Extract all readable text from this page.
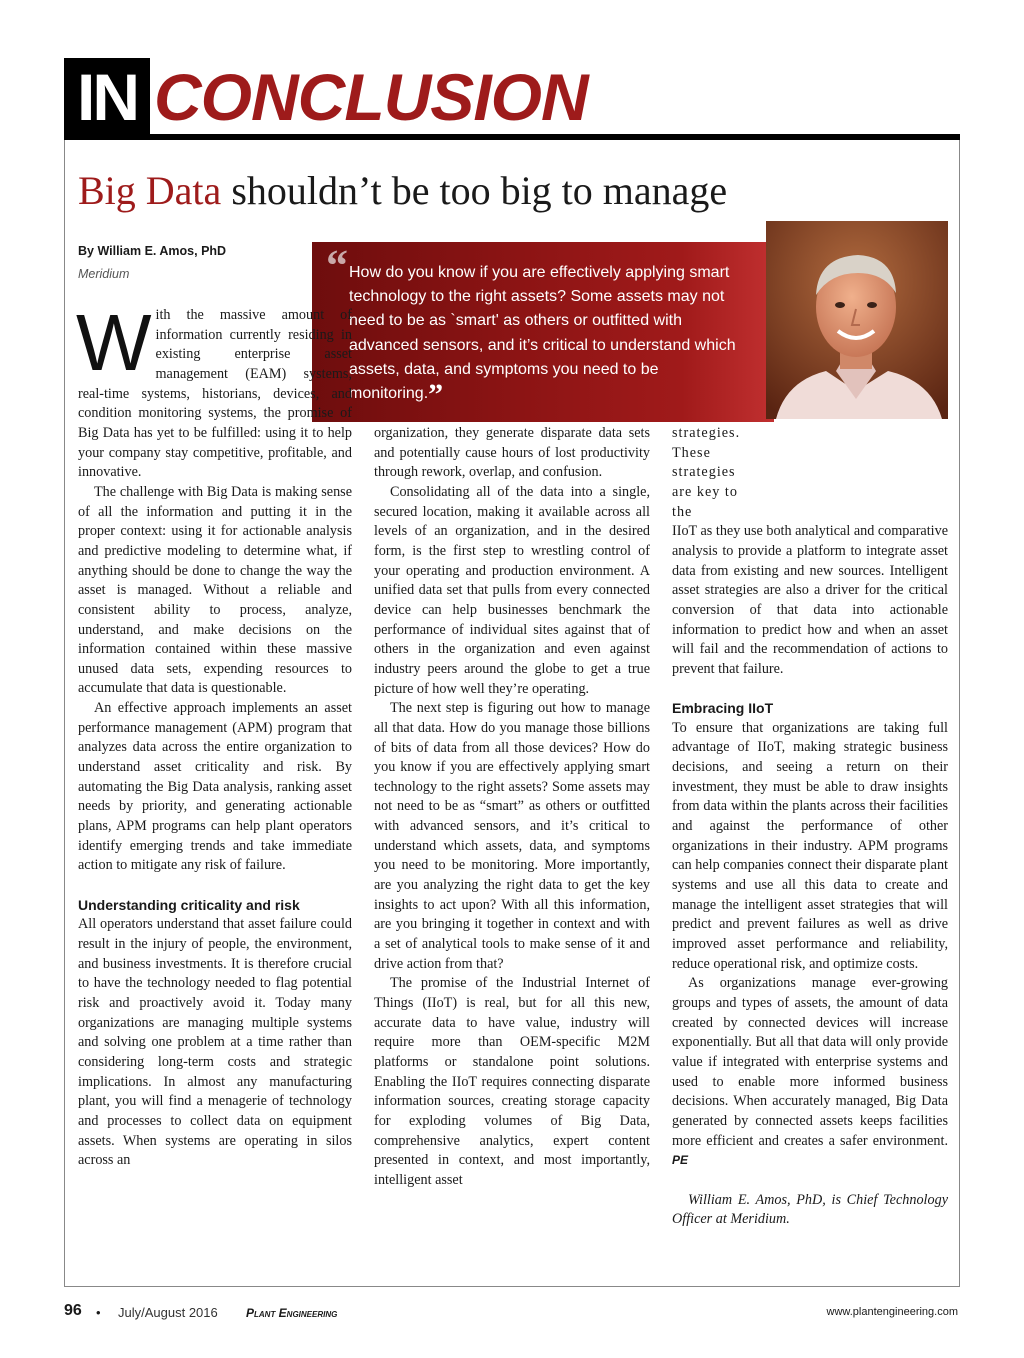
IN CONCLUSION
Big Data shouldn’t be too big to manage
By William E. Amos, PhD
Meridium	“ How do you know if you are effectively applying smart technology to the right assets? Some assets may not need to be as `smart' as others or outfitted with advanced sensors, and it’s critical to understand which assets, data, and symptoms you need to be monitoring.”
W ith the massive amount of information currently residing in existing enterprise asset management (EAM) systems, real-time systems, historians, devices, and condition monitoring systems, the promise of Big Data has yet to be fulfilled: using it to help your company stay competitive, profitable, and innovative.

The challenge with Big Data is making sense of all the information and putting it in the proper context: using it for actionable analysis and predictive modeling to determine what, if anything should be done to change the way the asset is managed. Without a reliable and consistent ability to process, analyze, understand, and make decisions on the information contained within these massive unused data sets, expending resources to accumulate that data is questionable.

An effective approach implements an asset performance management (APM) program that analyzes data across the entire organization to understand asset criticality and risk. By automating the Big Data analysis, ranking asset needs by priority, and generating actionable plans, APM programs can help plant operators identify emerging trends and take immediate action to mitigate any risk of failure.

Understanding criticality and risk

All operators understand that asset failure could result in the injury of people, the environment, and business investments. It is therefore crucial to have the technology needed to flag potential risk and proactively avoid it. Today many organizations are managing multiple systems and solving one problem at a time rather than considering long-term costs and strategic implications. In almost any manufacturing plant, you will find a menagerie of technology and processes to collect data on equipment assets. When systems are operating in silos across an

organization, they generate disparate data sets and potentially cause hours of lost productivity through rework, overlap, and confusion.

Consolidating all of the data into a single, secured location, making it available across all levels of an organization, and in the desired form, is the first step to wrestling control of your operating and production environment. A unified data set that pulls from every connected device can help businesses benchmark the performance of individual sites against that of others in the organization and even against industry peers around the globe to get a true picture of how well they’re operating.

The next step is figuring out how to manage all that data. How do you manage those billions of bits of data from all those devices? How do you know if you are effectively applying smart technology to the right assets? Some assets may not need to be as “smart” as others or outfitted with advanced sensors, and it’s critical to understand which assets, data, and symptoms you need to be monitoring. More importantly, are you analyzing the right data to get the key insights to act upon? With all this information, are you bringing it together in context and with a set of analytical tools to make sense of it and drive action from that?

The promise of the Industrial Internet of Things (IIoT) is real, but for all this new, accurate data to have value, industry will require more than OEM-specific M2M platforms or standalone point solutions. Enabling the IIoT requires connecting disparate information sources, creating storage capacity for exploding volumes of Big Data, comprehensive analytics, expert content presented in context, and most importantly, intelligent asset

strategies. These strategies are key to the

IIoT as they use both analytical and comparative analysis to provide a platform to integrate asset data from existing and new sources. Intelligent asset strategies are also a driver for the critical conversion of that data into actionable information to predict how and when an asset will fail and the recommendation of actions to prevent that failure.

Embracing IIoT

To ensure that organizations are taking full advantage of IIoT, making strategic business decisions, and seeing a return on their investment, they must be able to draw insights from data within the plants across their facilities and against the performance of other organizations in their industry. APM programs can help companies connect their disparate plant systems and use all this data to create and manage the intelligent asset strategies that will predict and prevent failures as well as drive improved asset performance and reliability, reduce operational risk, and optimize costs.

As organizations manage ever-growing groups and types of assets, the amount of data created by connected devices will increase exponentially. But all that data will only provide value if integrated with enterprise systems and used to enable more informed business decisions. When accurately managed, Big Data generated by connected assets keeps facilities more efficient and creates a safer environment. PE

William E. Amos, PhD, is Chief Technology Officer at Meridium.

96 • July/August 2016 Plant Engineering	www.plantengineering.com
